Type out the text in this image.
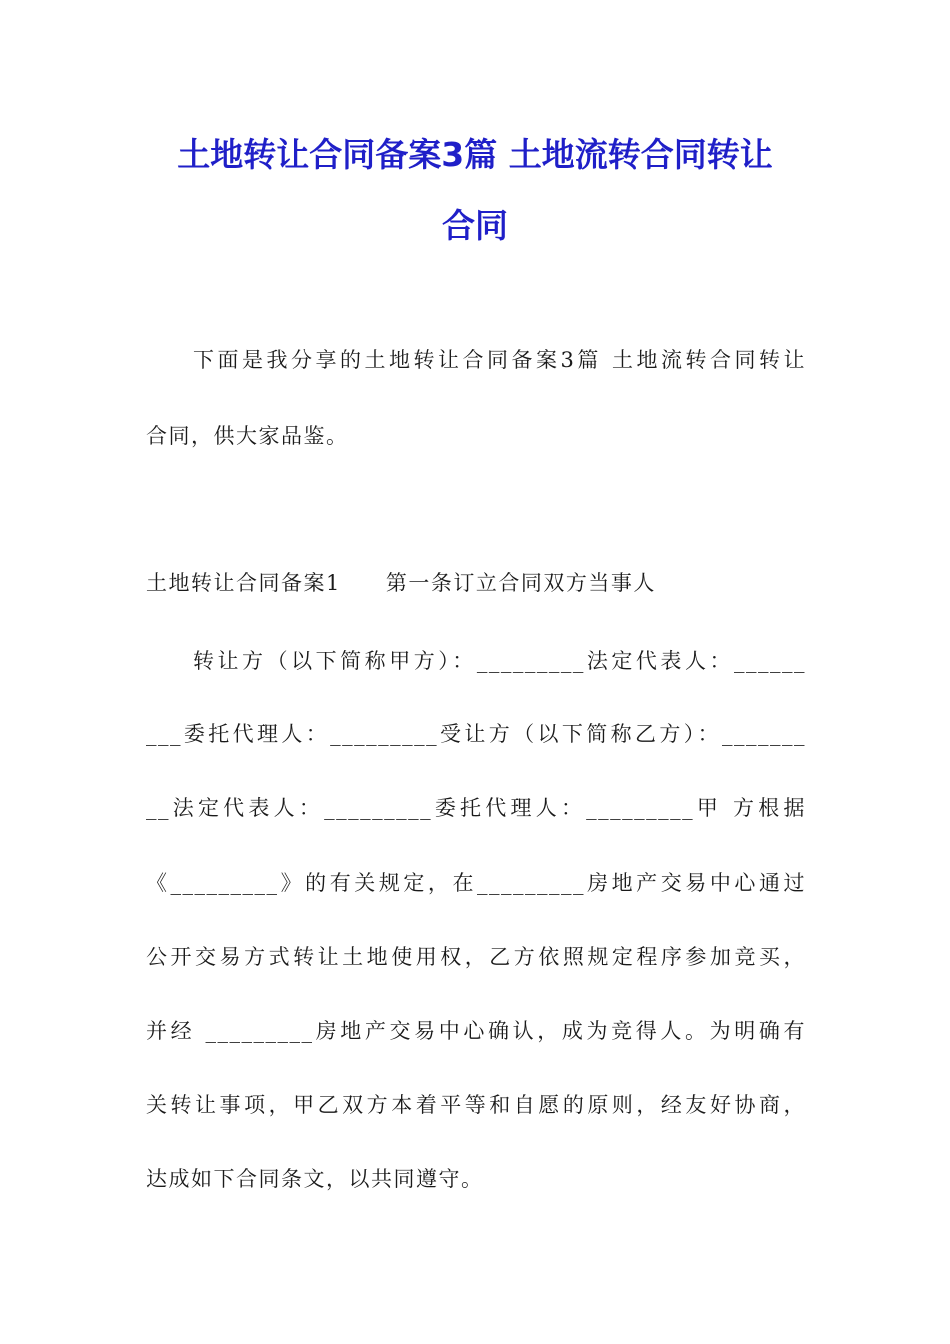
土地转让合同备案3篇 土地流转合同转让
合同
下面是我分享的土地转让合同备案3篇 土地流转合同转让
合同，供大家品鉴。
土地转让合同备案1　　第一条订立合同双方当事人
转让方（以下简称甲方）：_________法定代表人：______
___委托代理人：_________受让方（以下简称乙方）：_______
__法定代表人：_________委托代理人：_________甲 方根据
《_________》的有关规定，在_________房地产交易中心通过
公开交易方式转让土地使用权，乙方依照规定程序参加竞买，
并经 _________房地产交易中心确认，成为竞得人。为明确有
关转让事项，甲乙双方本着平等和自愿的原则，经友好协商，
达成如下合同条文，以共同遵守。
